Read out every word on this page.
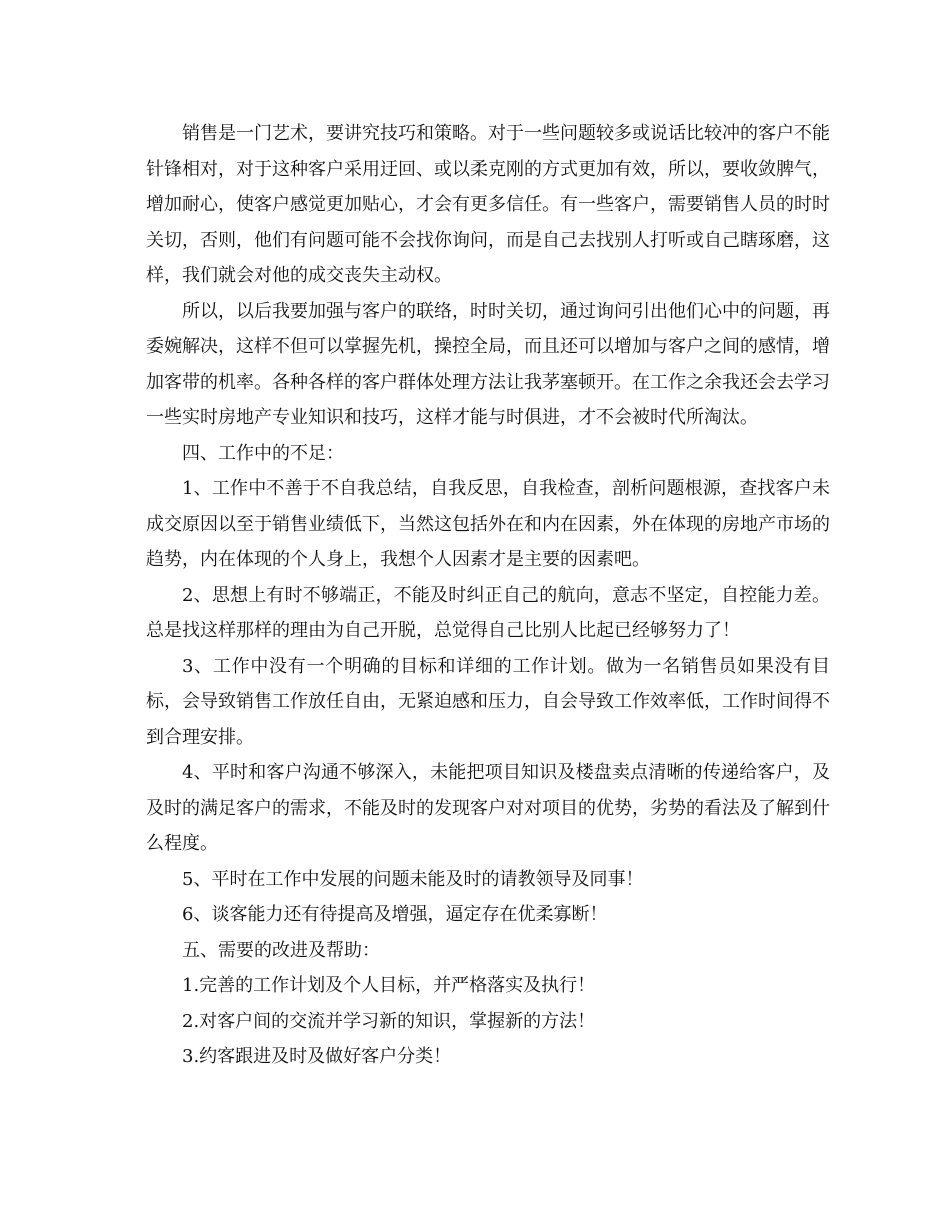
销售是一门艺术，要讲究技巧和策略。对于一些问题较多或说话比较冲的客户不能针锋相对，对于这种客户采用迂回、或以柔克刚的方式更加有效，所以，要收敛脾气，增加耐心，使客户感觉更加贴心，才会有更多信任。有一些客户，需要销售人员的时时关切，否则，他们有问题可能不会找你询问，而是自己去找别人打听或自己瞎琢磨，这样，我们就会对他的成交丧失主动权。

所以，以后我要加强与客户的联络，时时关切，通过询问引出他们心中的问题，再委婉解决，这样不但可以掌握先机，操控全局，而且还可以增加与客户之间的感情，增加客带的机率。各种各样的客户群体处理方法让我茅塞顿开。在工作之余我还会去学习一些实时房地产专业知识和技巧，这样才能与时俱进，才不会被时代所淘汰。

四、工作中的不足：

1、工作中不善于不自我总结，自我反思，自我检查，剖析问题根源，查找客户未成交原因以至于销售业绩低下，当然这包括外在和内在因素，外在体现的房地产市场的趋势，内在体现的个人身上，我想个人因素才是主要的因素吧。

2、思想上有时不够端正，不能及时纠正自己的航向，意志不坚定，自控能力差。总是找这样那样的理由为自己开脱，总觉得自己比别人比起已经够努力了！

3、工作中没有一个明确的目标和详细的工作计划。做为一名销售员如果没有目标，会导致销售工作放任自由，无紧迫感和压力，自会导致工作效率低，工作时间得不到合理安排。

4、平时和客户沟通不够深入，未能把项目知识及楼盘卖点清晰的传递给客户，及及时的满足客户的需求，不能及时的发现客户对对项目的优势，劣势的看法及了解到什么程度。

5、平时在工作中发展的问题未能及时的请教领导及同事！

6、谈客能力还有待提高及增强，逼定存在优柔寡断！

五、需要的改进及帮助：

1.完善的工作计划及个人目标，并严格落实及执行！

2.对客户间的交流并学习新的知识，掌握新的方法！

3.约客跟进及时及做好客户分类！
